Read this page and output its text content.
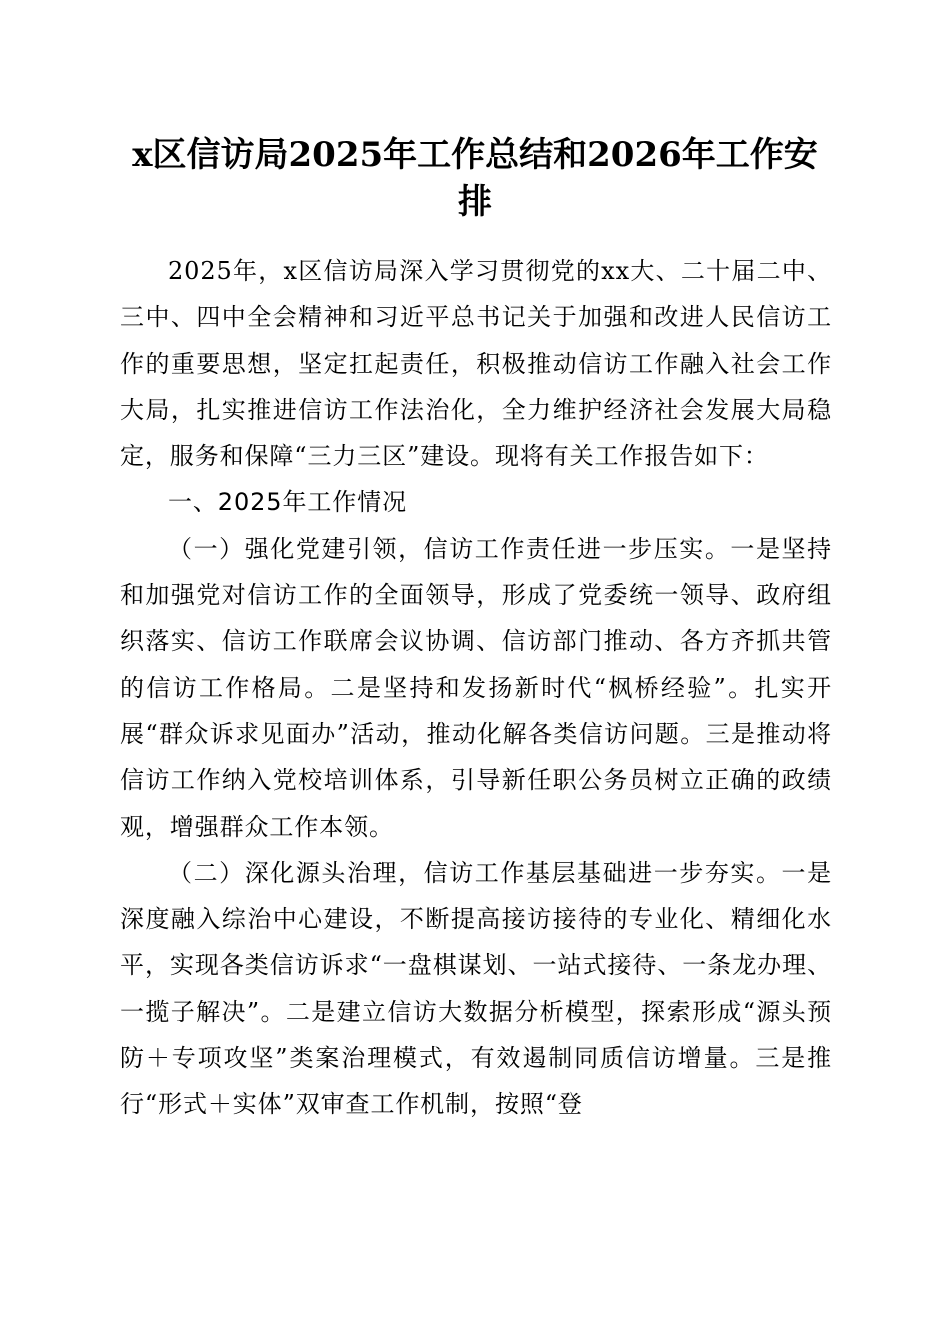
x区信访局2025年工作总结和2026年工作安排

2025年，x区信访局深入学习贯彻党的xx大、二十届二中、三中、四中全会精神和习近平总书记关于加强和改进人民信访工作的重要思想，坚定扛起责任，积极推动信访工作融入社会工作大局，扎实推进信访工作法治化，全力维护经济社会发展大局稳定，服务和保障“三力三区”建设。现将有关工作报告如下：

一、2025年工作情况

（一）强化党建引领，信访工作责任进一步压实。一是坚持和加强党对信访工作的全面领导，形成了党委统一领导、政府组织落实、信访工作联席会议协调、信访部门推动、各方齐抓共管的信访工作格局。二是坚持和发扬新时代“枫桥经验”。扎实开展“群众诉求见面办”活动，推动化解各类信访问题。三是推动将信访工作纳入党校培训体系，引导新任职公务员树立正确的政绩观，增强群众工作本领。

（二）深化源头治理，信访工作基层基础进一步夯实。一是深度融入综治中心建设，不断提高接访接待的专业化、精细化水平，实现各类信访诉求“一盘棋谋划、一站式接待、一条龙办理、一揽子解决”。二是建立信访大数据分析模型，探索形成“源头预防＋专项攻坚”类案治理模式，有效遏制同质信访增量。三是推行“形式＋实体”双审查工作机制，按照“登
